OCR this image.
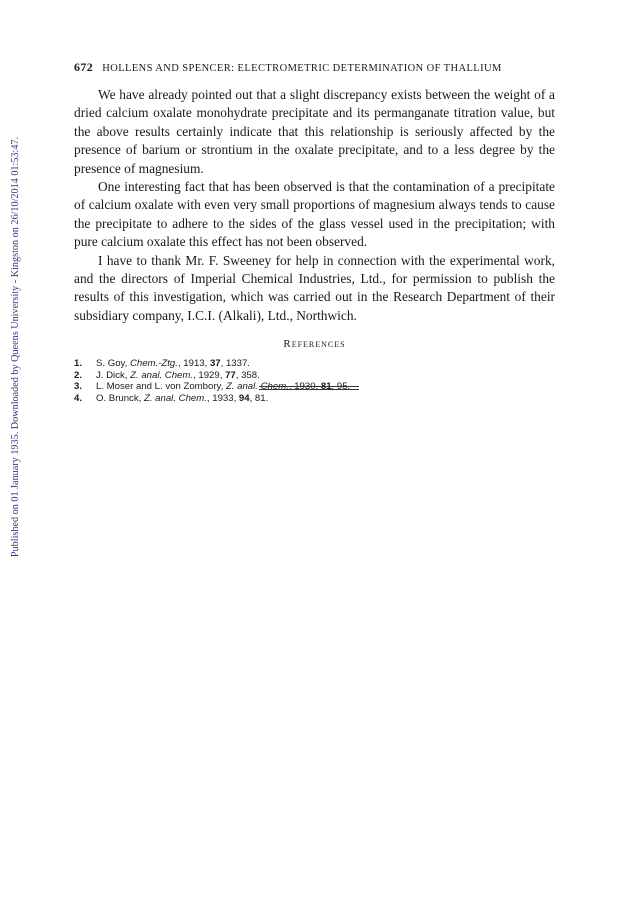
Published on 01 January 1935. Downloaded by Queens University - Kingston on 26/10/2014 01:53:47.
672 HOLLENS AND SPENCER: ELECTROMETRIC DETERMINATION OF THALLIUM

We have already pointed out that a slight discrepancy exists between the weight of a dried calcium oxalate monohydrate precipitate and its permanganate titration value, but the above results certainly indicate that this relationship is seriously affected by the presence of barium or strontium in the oxalate precipitate, and to a less degree by the presence of magnesium.

One interesting fact that has been observed is that the contamination of a precipitate of calcium oxalate with even very small proportions of magnesium always tends to cause the precipitate to adhere to the sides of the glass vessel used in the precipitation; with pure calcium oxalate this effect has not been observed.

I have to thank Mr. F. Sweeney for help in connection with the experimental work, and the directors of Imperial Chemical Industries, Ltd., for permission to publish the results of this investigation, which was carried out in the Research Department of their subsidiary company, I.C.I. (Alkali), Ltd., Northwich.

References
1.	S. Goy, Chem.-Ztg., 1913, 37, 1337.
2.	J. Dick, Z. anal. Chem., 1929, 77, 358.
3.	L. Moser and L. von Zombory, Z. anal. Chem., 1930, 81, 95.
4.	O. Brunck, Z. anal. Chem., 1933, 94, 81.
